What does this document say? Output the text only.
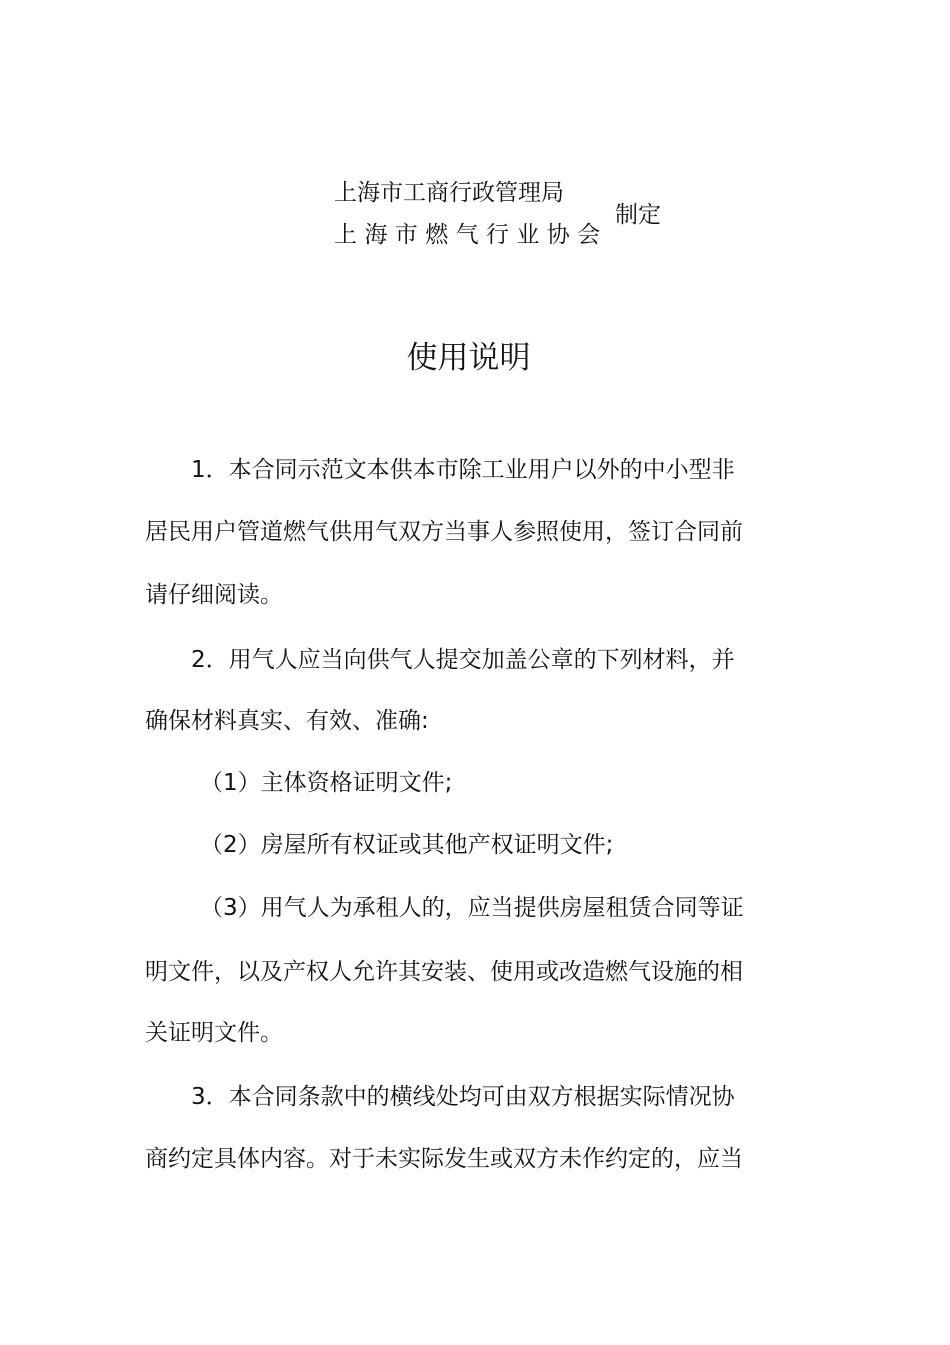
上海市工商行政管理局
上海市燃气行业协会
制定
使用说明
1．本合同示范文本供本市除工业用户以外的中小型非
居民用户管道燃气供用气双方当事人参照使用，签订合同前
请仔细阅读。
2．用气人应当向供气人提交加盖公章的下列材料，并
确保材料真实、有效、准确:
（1）主体资格证明文件;
（2）房屋所有权证或其他产权证明文件;
（3）用气人为承租人的，应当提供房屋租赁合同等证
明文件，以及产权人允许其安装、使用或改造燃气设施的相
关证明文件。
3．本合同条款中的横线处均可由双方根据实际情况协
商约定具体内容。对于未实际发生或双方未作约定的，应当
